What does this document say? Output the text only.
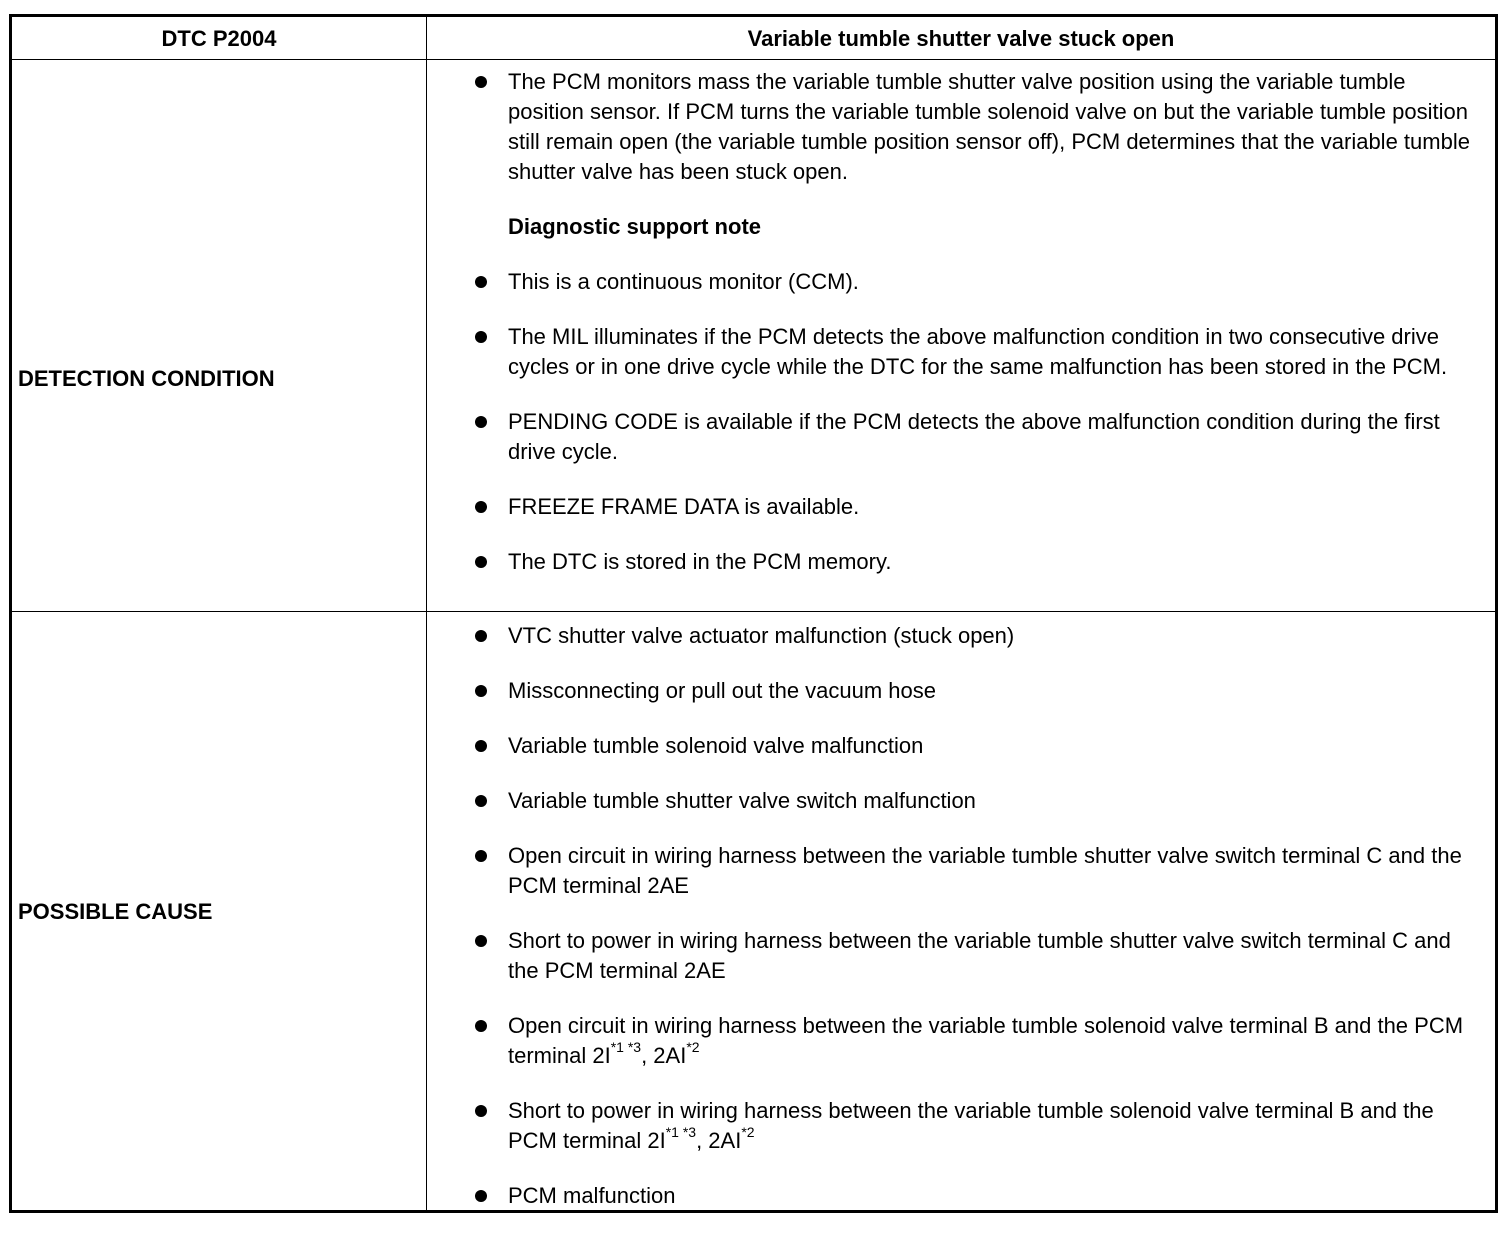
DTC P2004	Variable tumble shutter valve stuck open
DETECTION CONDITION
The PCM monitors mass the variable tumble shutter valve position using the variable tumble position sensor. If PCM turns the variable tumble solenoid valve on but the variable tumble position still remain open (the variable tumble position sensor off), PCM determines that the variable tumble shutter valve has been stuck open.
Diagnostic support note
This is a continuous monitor (CCM).
The MIL illuminates if the PCM detects the above malfunction condition in two consecutive drive cycles or in one drive cycle while the DTC for the same malfunction has been stored in the PCM.
PENDING CODE is available if the PCM detects the above malfunction condition during the first drive cycle.
FREEZE FRAME DATA is available.
The DTC is stored in the PCM memory.
POSSIBLE CAUSE
VTC shutter valve actuator malfunction (stuck open)
Missconnecting or pull out the vacuum hose
Variable tumble solenoid valve malfunction
Variable tumble shutter valve switch malfunction
Open circuit in wiring harness between the variable tumble shutter valve switch terminal C and the PCM terminal 2AE
Short to power in wiring harness between the variable tumble shutter valve switch terminal C and the PCM terminal 2AE
Open circuit in wiring harness between the variable tumble solenoid valve terminal B and the PCM terminal $2I^{*1 *3}$, 2AI$^{*2}$
Short to power in wiring harness between the variable tumble solenoid valve terminal B and the PCM terminal $2I^{*1 *3}$, 2AI$^{*2}$
PCM malfunction
